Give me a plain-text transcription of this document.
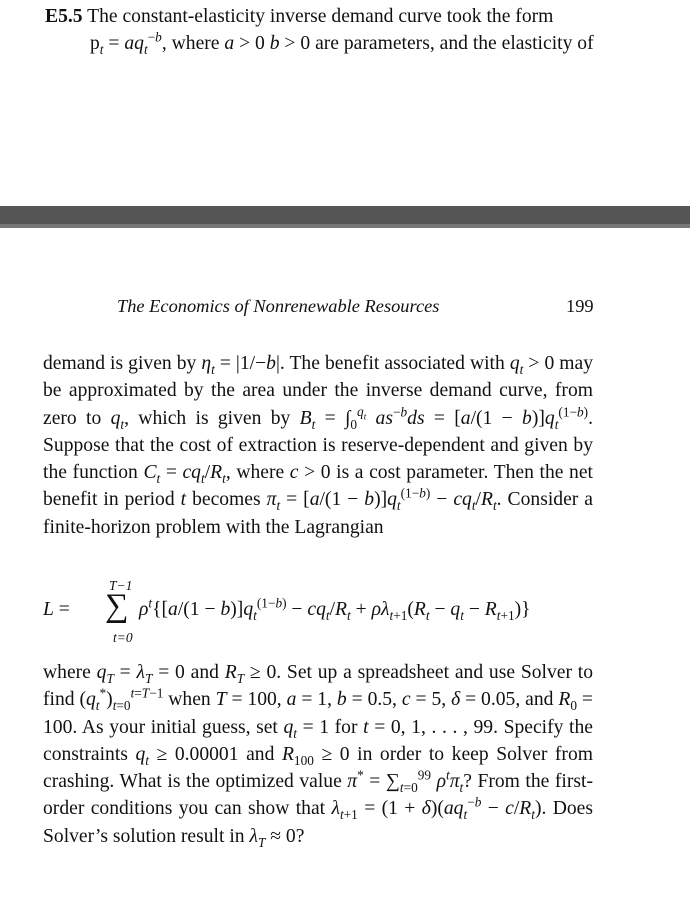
E5.5 The constant-elasticity inverse demand curve took the form
$p_t = aq_t^{-b}$, where a > 0 b > 0 are parameters, and the elasticity of
The Economics of Nonrenewable Resources	199

demand is given by $\eta_t = |1/-b|$. The benefit associated with $q_t > 0$ may be approximated by the area under the inverse demand curve, from zero to $q_t$, which is given by $B_t = \int_0^{q_t}$ $as^{-b}ds = [a/(1 - b)]q_t^{(1-b)}$. Suppose that the cost of extraction is reserve-dependent and given by the function $C_t = cq_t/R_t$, where c > 0 is a cost parameter. Then the net benefit in period t becomes $\pi_t = [a/(1 - b)]q_t^{(1-b)} - cq_t/R_t$. Consider a finite-horizon problem with the Lagrangian

L =
T−1
∑
t=0
$\rho^t\{[a/(1 - b)]q_t^{(1-b)} - cq_t/R_t + \rho\lambda_{t+1}(R_t - q_t - R_{t+1})\}$

where $q_T = \lambda_T = 0$ and $R_T \ge 0$. Set up a spreadsheet and use Solver to find $(q_t^*)_{t=0}^{t=T-1}$ when T = 100, a = 1, b = 0.5, c = 5, δ = 0.05, and $R_0 = 100$. As your initial guess, set $q_t = 1$ for t = 0, 1, . . . , 99. Specify the constraints $q_t \ge 0.00001$ and $R_{100} \ge 0$ in order to keep Solver from crashing. What is the optimized value $\pi^* = \sum_{t=0}^{99}$ $\rho^t\pi_t$? From the first-order conditions you can show that $\lambda_{t+1} = (1 + \delta)(aq_t^{-b} - c/R_t)$. Does Solver’s solution result in $\lambda_T \approx 0$?
